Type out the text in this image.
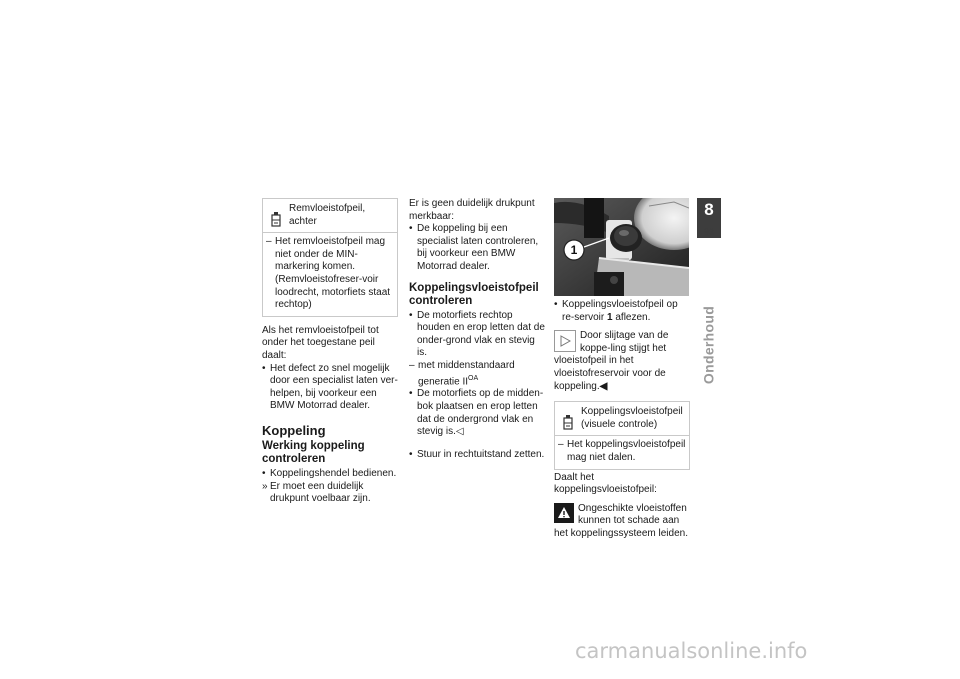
Remvloeistofpeil, achter
– Het remvloeistofpeil mag niet onder de MIN-markering komen. (Remvloeistofreser-voir loodrecht, motorfiets staat rechtop)

Als het remvloeistofpeil tot onder het toegestane peil daalt:

• Het defect zo snel mogelijk door een specialist laten ver-helpen, bij voorkeur een BMW Motorrad dealer.
Koppeling
Werking koppeling controleren
• Koppelingshendel bedienen.
» Er moet een duidelijk drukpunt voelbaar zijn.

Er is geen duidelijk drukpunt merkbaar:

• De koppeling bij een specialist laten controleren, bij voorkeur een BMW Motorrad dealer.
Koppelingsvloeistofpeil controleren
• De motorfiets rechtop houden en erop letten dat de onder-grond vlak en stevig is.
– met middenstandaard generatie $II^{OA}$
• De motorfiets op de midden-bok plaatsen en erop letten dat de ondergrond vlak en stevig is.◁
• Stuur in rechtuitstand zetten.
1
• Koppelingsvloeistofpeil op re-servoir 1 aflezen.
Door slijtage van de koppe-ling stijgt het vloeistofpeil in het vloeistofreservoir voor de koppeling.◀
Koppelingsvloeistofpeil (visuele controle)
– Het koppelingsvloeistofpeil mag niet dalen.

Daalt het koppelingsvloeistofpeil:

Ongeschikte vloeistoffen kunnen tot schade aan het koppelingssysteem leiden.
8
93
Onderhoud
carmanualsonline.info
